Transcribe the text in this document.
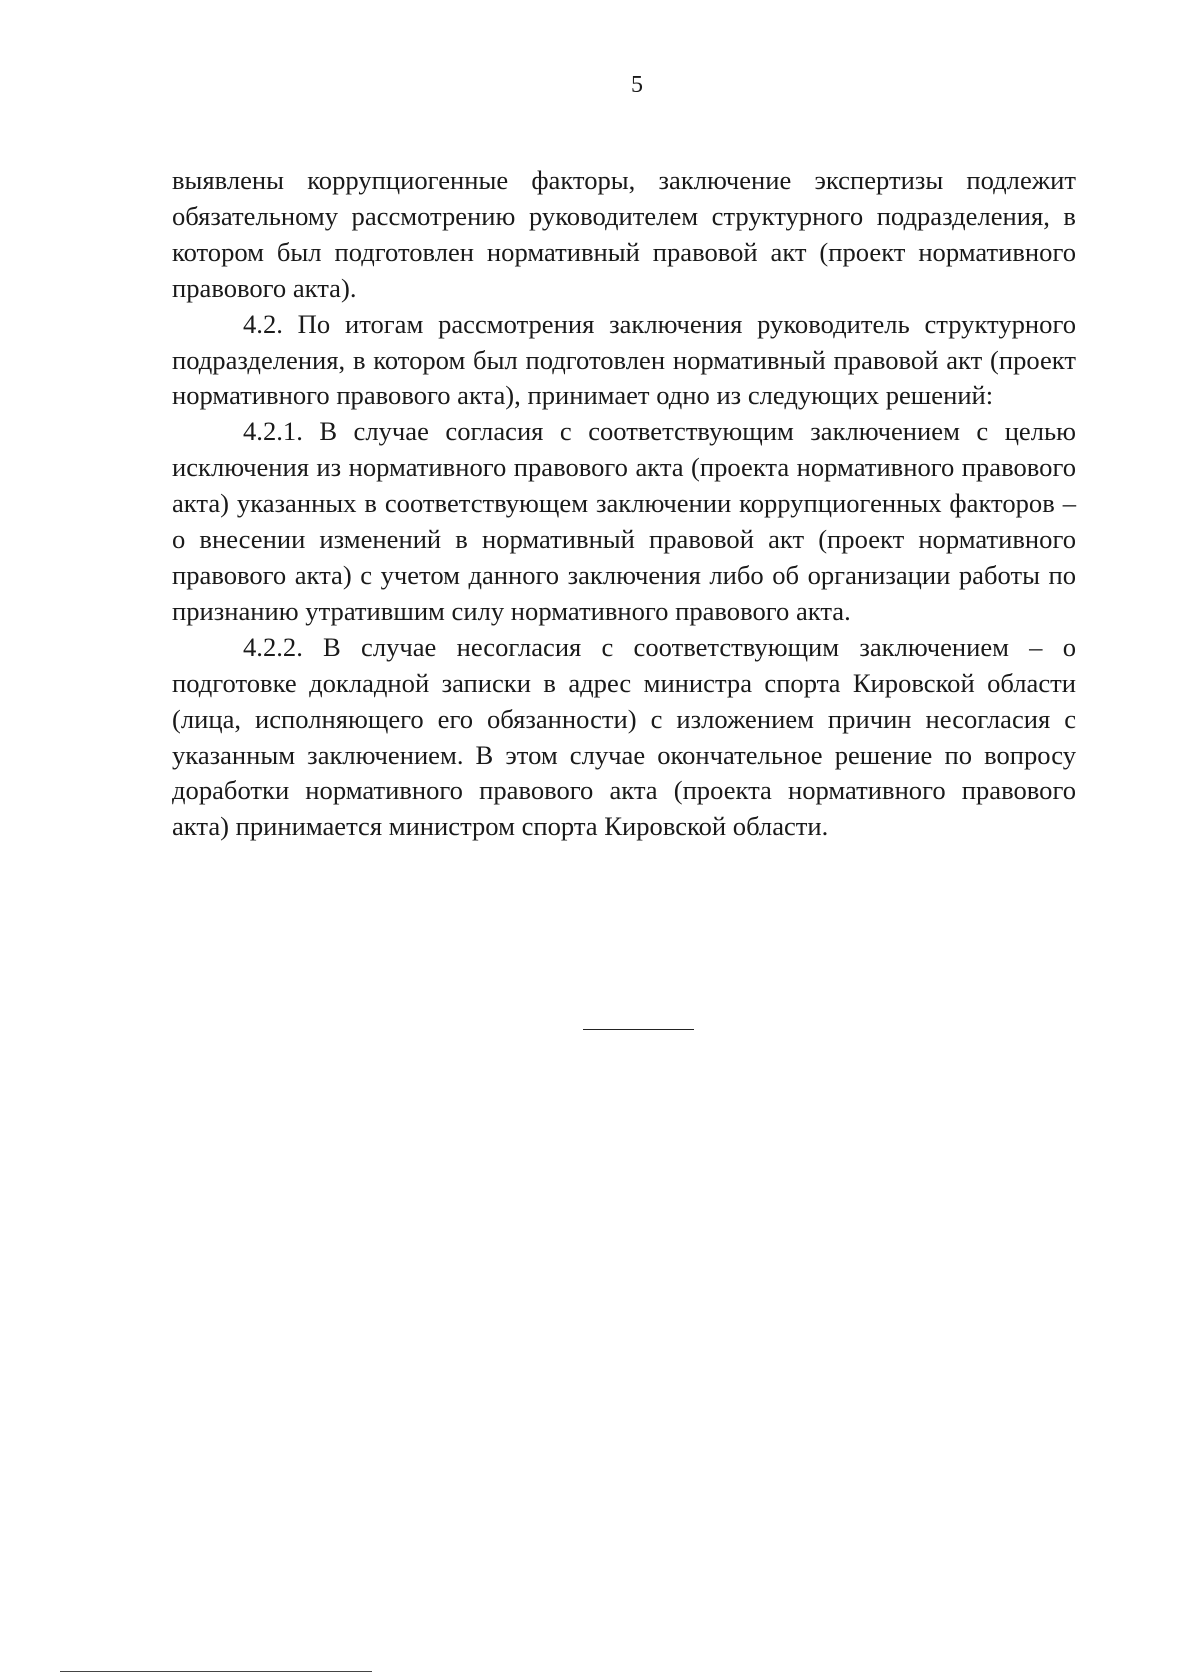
5

выявлены коррупциогенные факторы, заключение экспертизы подлежит обязательному рассмотрению руководителем структурного подразделения, в котором был подготовлен нормативный правовой акт (проект нормативного правового акта).

4.2. По итогам рассмотрения заключения руководитель структурного подразделения, в котором был подготовлен нормативный правовой акт (проект нормативного правового акта), принимает одно из следующих решений:

4.2.1. В случае согласия с соответствующим заключением с целью исключения из нормативного правового акта (проекта нормативного правового акта) указанных в соответствующем заключении коррупциогенных факторов – о внесении изменений в нормативный правовой акт (проект нормативного правового акта) с учетом данного заключения либо об организации работы по признанию утратившим силу нормативного правового акта.

4.2.2. В случае несогласия с соответствующим заключением – о подготовке докладной записки в адрес министра спорта Кировской области (лица, исполняющего его обязанности) с изложением причин несогласия с указанным заключением. В этом случае окончательное решение по вопросу доработки нормативного правового акта (проекта нормативного правового акта) принимается министром спорта Кировской области.
